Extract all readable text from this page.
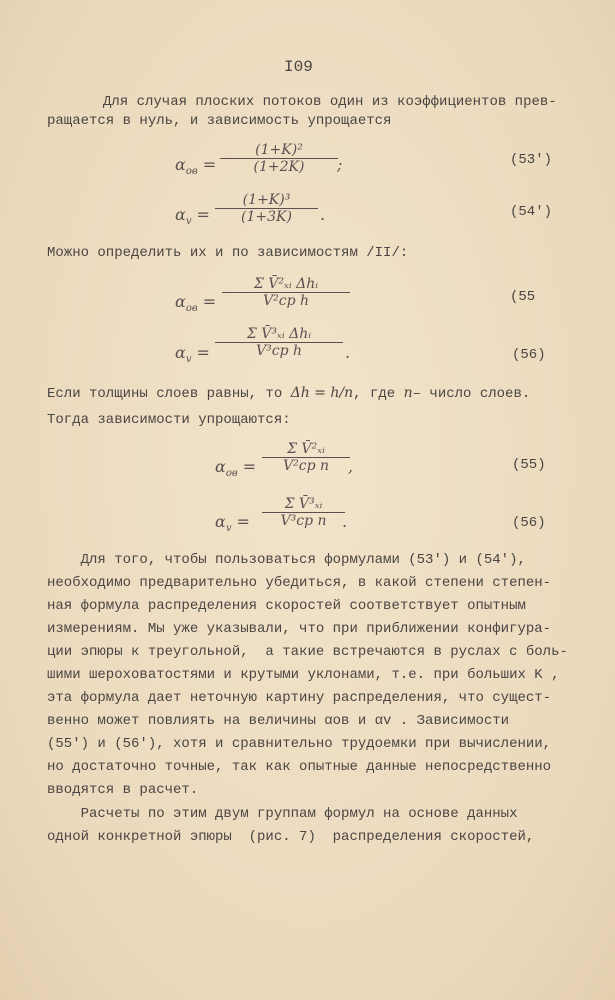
I09
Для случая плоских потоков один из коэффициентов прев-
ращается в нуль, и зависимость упрощается
$\alpha_{ов} = \frac{\text{(1+K)²}}{(1+2K)}$ ;	(53′)
$\alpha_v = \frac{\text{(1+K)³}}{(1+3K)}$ .	(54′)
Можно определить их и по зависимостям /II/:
$\alpha_{ов}$ =
Σ V̄²ₓᵢ Δhᵢ
V²ср h	(55
$\alpha_v$ =
Σ V̄³ₓᵢ Δhᵢ
V³ср h	.	(56)
Если толщины слоев равны, то Δh = h/n, где n– число слоев.
Тогда зависимости упрощаются:
$\alpha_{ов}$ =
Σ V̄²ₓᵢ
V²ср n ,	(55)
$\alpha_v$ =
Σ V̄³ₓᵢ
V³ср n .	(56)
Для того, чтобы пользоваться формулами (53′) и (54′),
необходимо предварительно убедиться, в какой степени степен-
ная формула распределения скоростей соответствует опытным
измерениям. Мы уже указывали, что при приближении конфигура-
ции эпюры к треугольной,  а такие встречаются в руслах с боль-
шими шероховатостями и крутыми уклонами, т.е. при больших K ,
эта формула дает неточную картину распределения, что сущест-
венно может повлиять на величины αов и αv . Зависимости
(55′) и (56′), хотя и сравнительно трудоемки при вычислении,
но достаточно точные, так как опытные данные непосредственно
вводятся в расчет.
Расчеты по этим двум группам формул на основе данных
одной конкретной эпюры  (рис. 7)  распределения скоростей,
